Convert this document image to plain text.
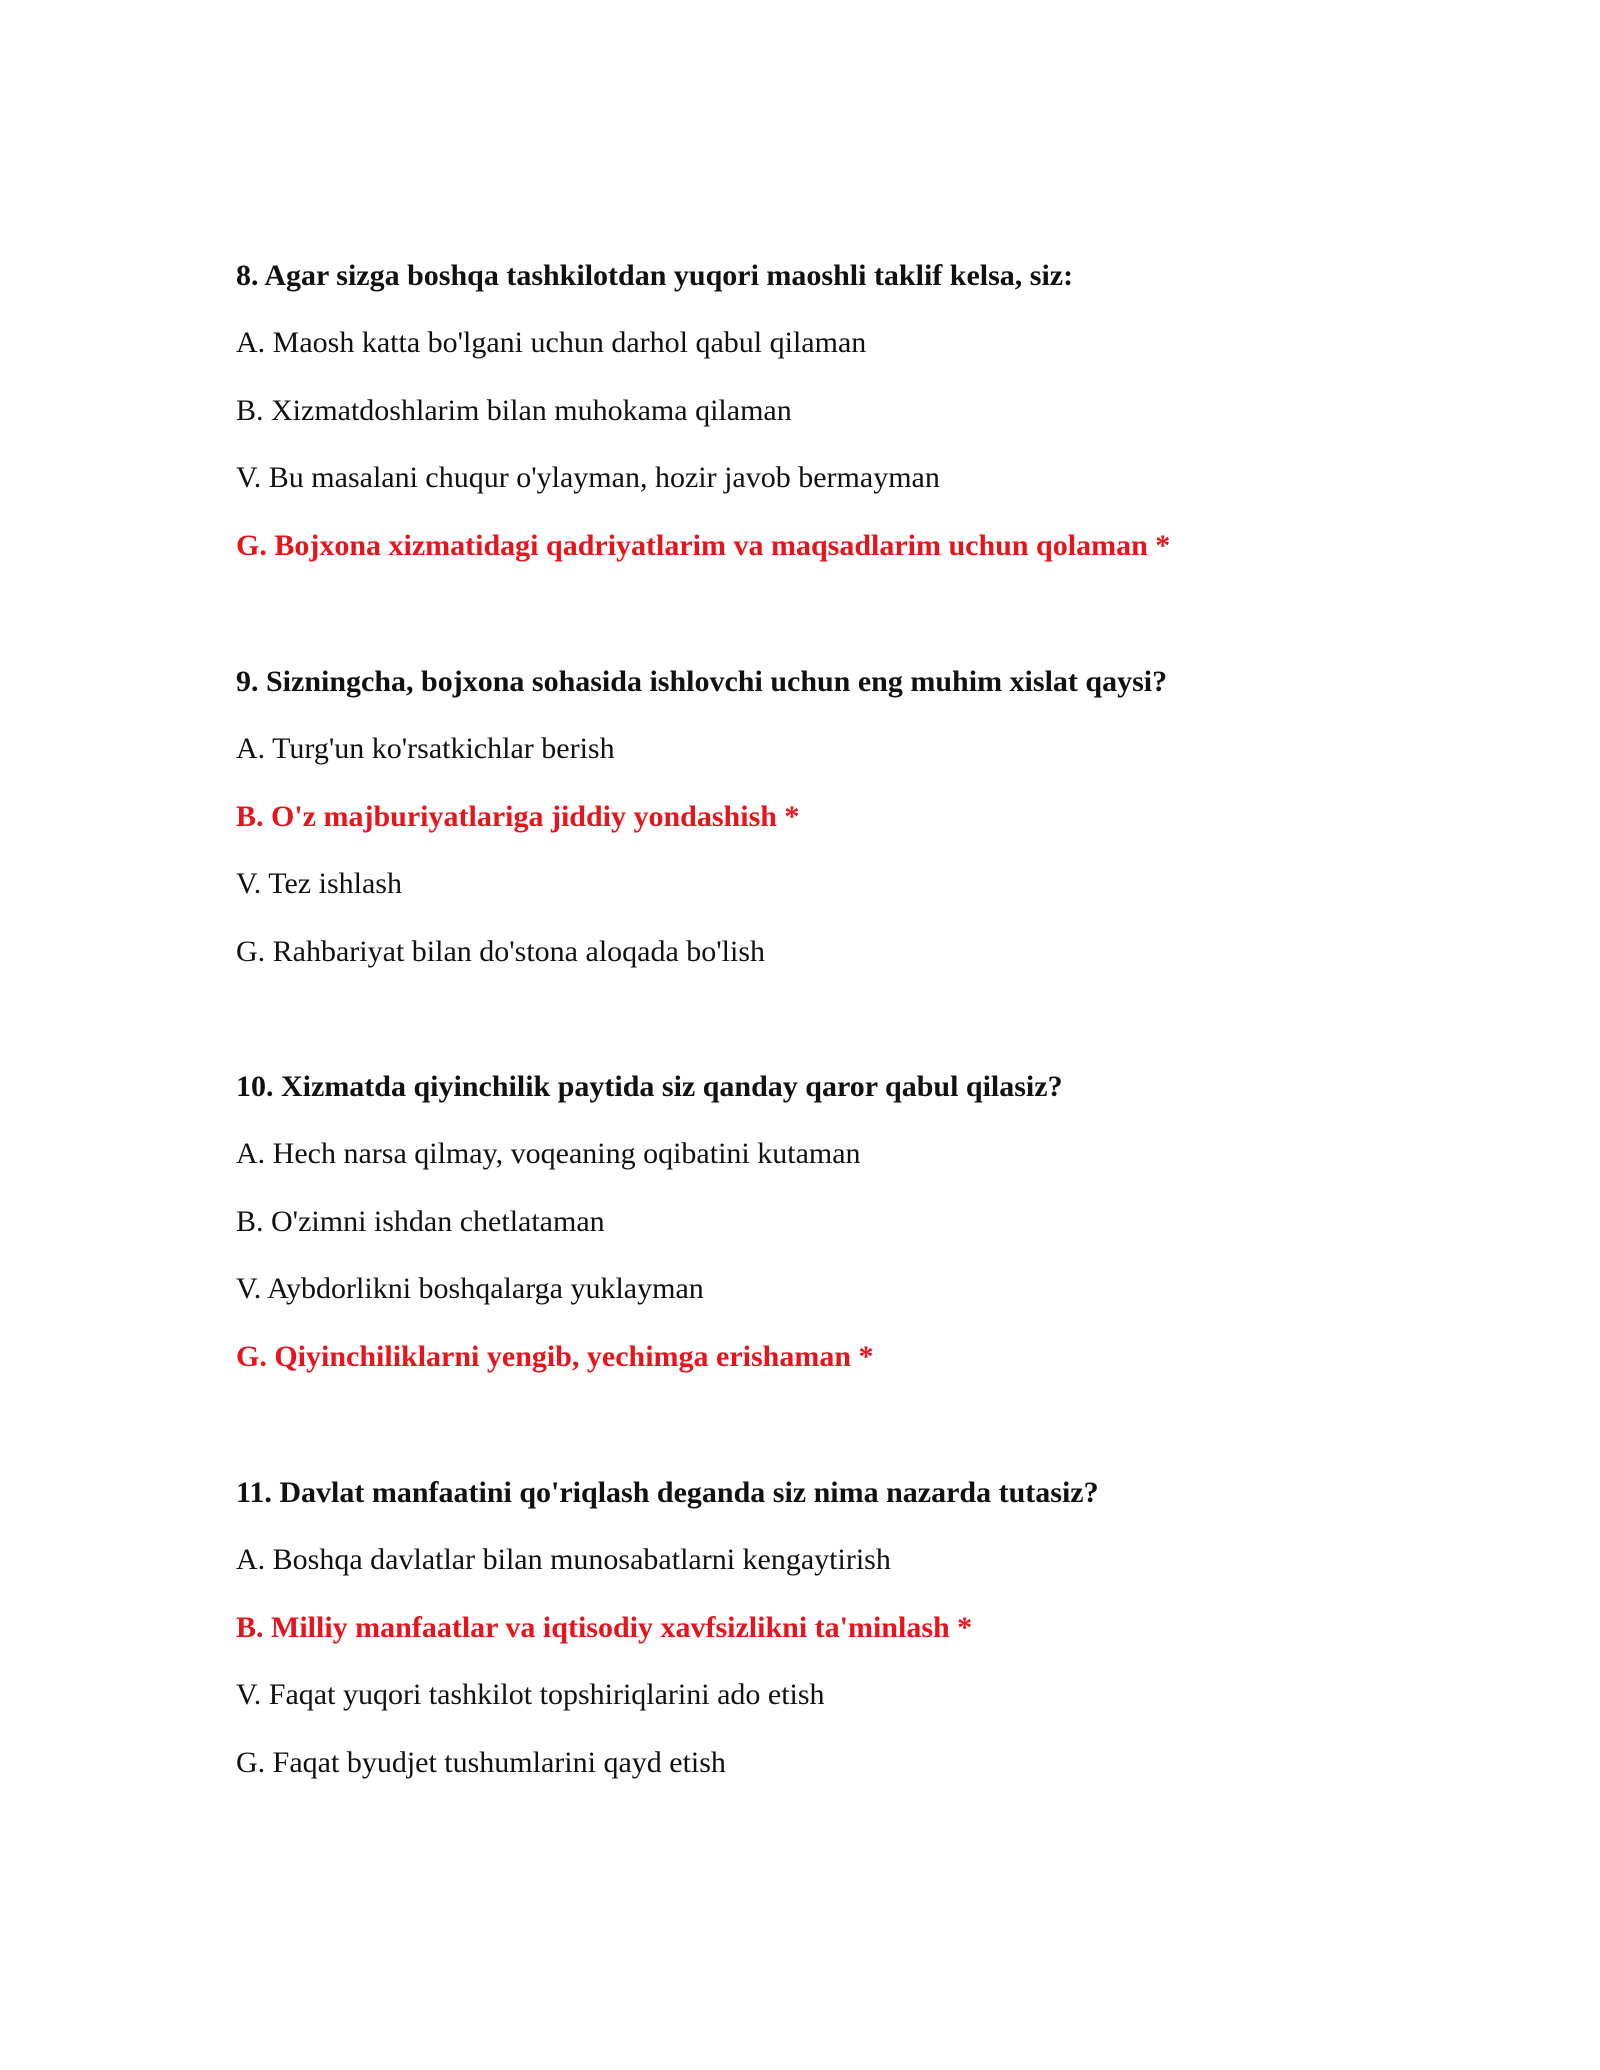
8. Agar sizga boshqa tashkilotdan yuqori maoshli taklif kelsa, siz:
A. Maosh katta bo'lgani uchun darhol qabul qilaman
B. Xizmatdoshlarim bilan muhokama qilaman
V. Bu masalani chuqur o'ylayman, hozir javob bermayman
G. Bojxona xizmatidagi qadriyatlarim va maqsadlarim uchun qolaman *
9. Sizningcha, bojxona sohasida ishlovchi uchun eng muhim xislat qaysi?
A. Turg'un ko'rsatkichlar berish
B. O'z majburiyatlariga jiddiy yondashish *
V. Tez ishlash
G. Rahbariyat bilan do'stona aloqada bo'lish
10. Xizmatda qiyinchilik paytida siz qanday qaror qabul qilasiz?
A. Hech narsa qilmay, voqeaning oqibatini kutaman
B. O'zimni ishdan chetlataman
V. Aybdorlikni boshqalarga yuklayman
G. Qiyinchiliklarni yengib, yechimga erishaman *
11. Davlat manfaatini qo'riqlash deganda siz nima nazarda tutasiz?
A. Boshqa davlatlar bilan munosabatlarni kengaytirish
B. Milliy manfaatlar va iqtisodiy xavfsizlikni ta'minlash *
V. Faqat yuqori tashkilot topshiriqlarini ado etish
G. Faqat byudjet tushumlarini qayd etish
